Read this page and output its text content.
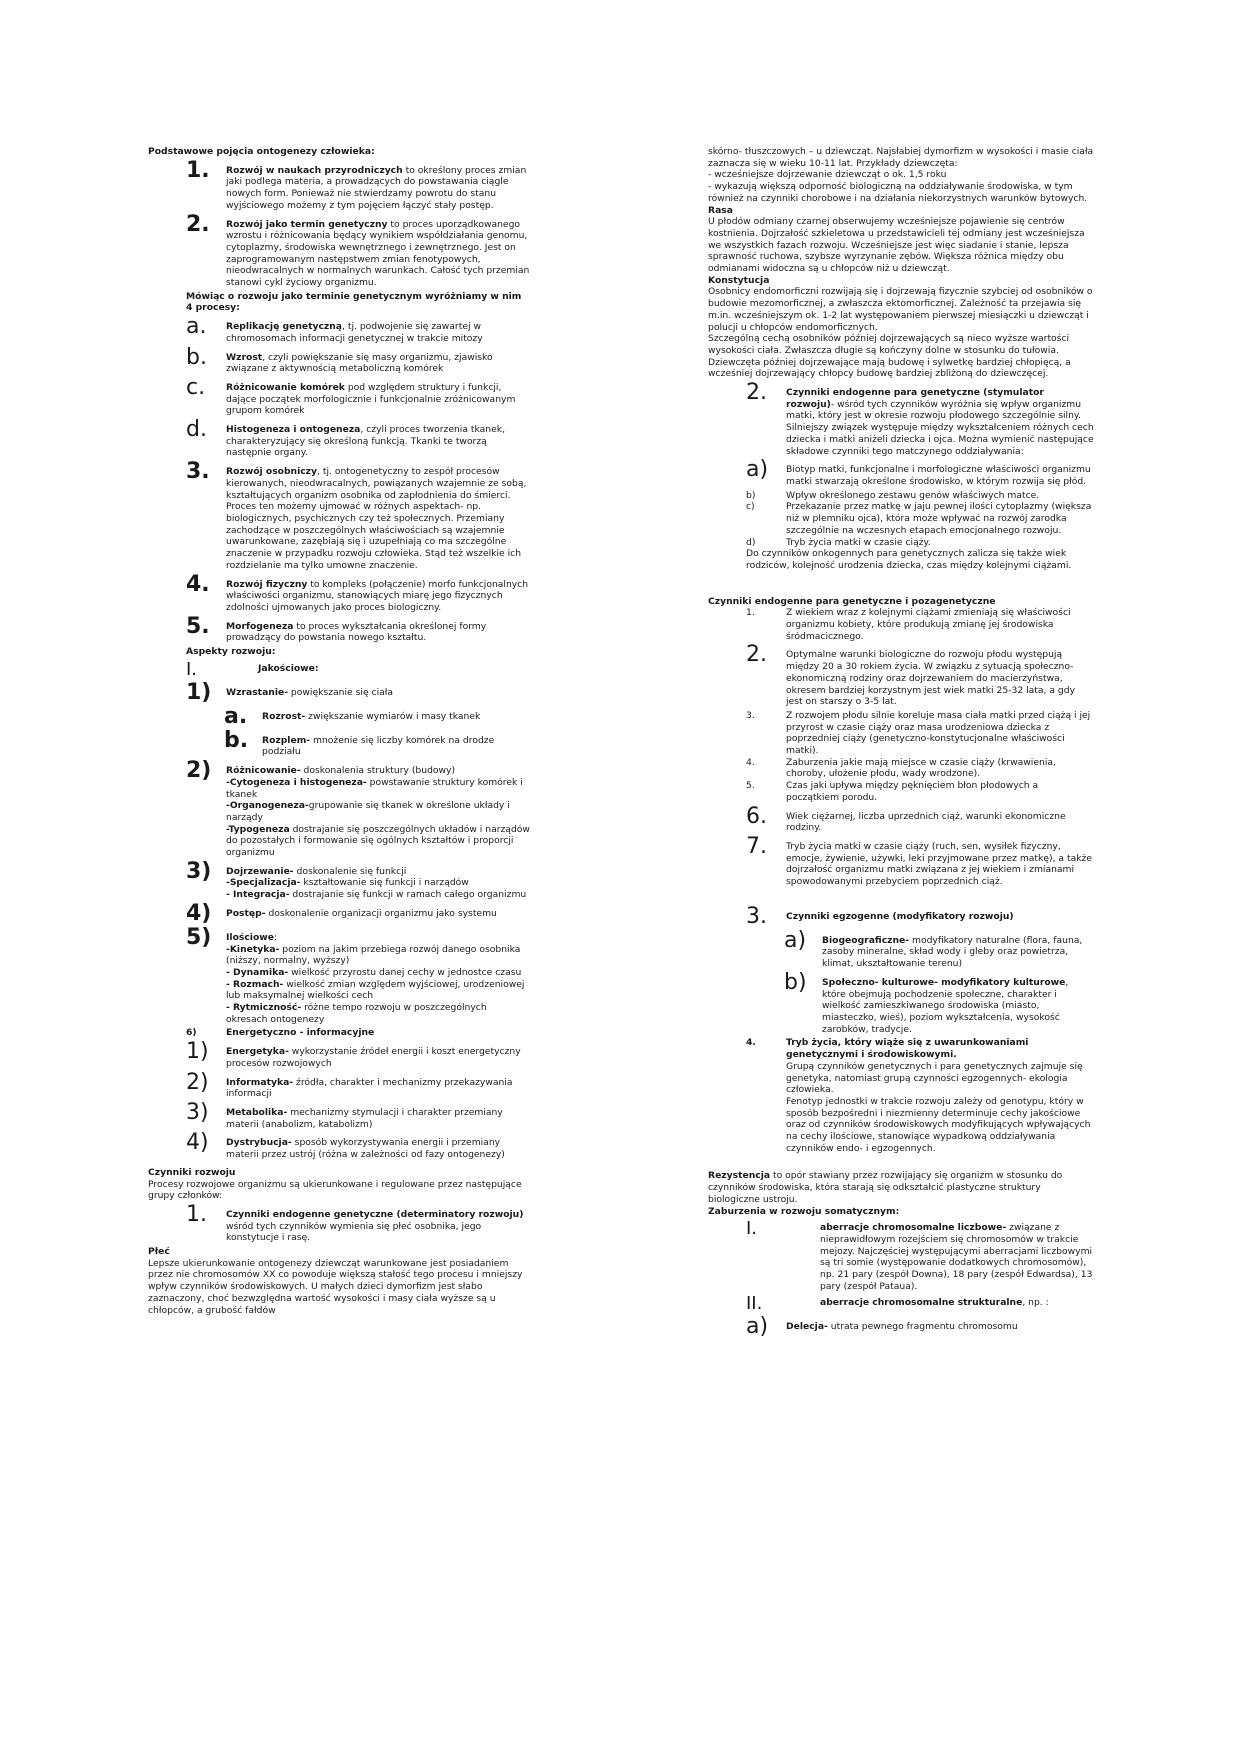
Podstawowe pojęcia ontogenezy człowieka:

1.	Rozwój w naukach przyrodniczych to określony proces zmian jaki podlega materia, a prowadzących do powstawania ciągle nowych form. Ponieważ nie stwierdzamy powrotu do stanu wyjściowego możemy z tym pojęciem łączyć stały postęp.
2.	Rozwój jako termin genetyczny to proces uporządkowanego wzrostu i różnicowania będący wynikiem współdziałania genomu, cytoplazmy, środowiska wewnętrznego i zewnętrznego. Jest on zaprogramowanym następstwem zmian fenotypowych, nieodwracalnych w normalnych warunkach. Całość tych przemian stanowi cykl życiowy organizmu.

Mówiąc o rozwoju jako terminie genetycznym wyróżniamy w nim 4 procesy:

a.	Replikację genetyczną, tj. podwojenie się zawartej w chromosomach informacji genetycznej w trakcie mitozy
b.	Wzrost, czyli powiększanie się masy organizmu, zjawisko związane z aktywnością metaboliczną komórek
c.	Różnicowanie komórek pod względem struktury i funkcji, dające początek morfologicznie i funkcjonalnie zróżnicowanym grupom komórek
d.	Histogeneza i ontogeneza, czyli proces tworzenia tkanek, charakteryzujący się określoną funkcją. Tkanki te tworzą następnie organy.
3.	Rozwój osobniczy, tj. ontogenetyczny to zespół procesów kierowanych, nieodwracalnych, powiązanych wzajemnie ze sobą, kształtujących organizm osobnika od zapłodnienia do śmierci. Proces ten możemy ujmować w różnych aspektach- np. biologicznych, psychicznych czy też społecznych. Przemiany zachodzące w poszczególnych właściwościach są wzajemnie uwarunkowane, zazębiają się i uzupełniają co ma szczególne znaczenie w przypadku rozwoju człowieka. Stąd też wszelkie ich rozdzielanie ma tylko umowne znaczenie.
4.	Rozwój fizyczny to kompleks (połączenie) morfo funkcjonalnych właściwości organizmu, stanowiących miarę jego fizycznych zdolności ujmowanych jako proces biologiczny.
5.	Morfogeneza to proces wykształcania określonej formy prowadzący do powstania nowego kształtu.

Aspekty rozwoju:

I.	Jakościowe:
1)	Wzrastanie- powiększanie się ciała
a.	Rozrost- zwiększanie wymiarów i masy tkanek
b.	Rozplem- mnożenie się liczby komórek na drodze podziału
2)	Różnicowanie- doskonalenia struktury (budowy)

-Cytogeneza i histogeneza- powstawanie struktury komórek i tkanek

-Organogeneza-grupowanie się tkanek w określone układy i narządy

-Typogeneza dostrajanie się poszczególnych układów i narządów do pozostałych i formowanie się ogólnych kształtów i proporcji organizmu

3)	Dojrzewanie- doskonalenie się funkcji

-Specjalizacja- kształtowanie się funkcji i narządów

- Integracja- dostrajanie się funkcji w ramach całego organizmu

4)	Postęp- doskonalenie organizacji organizmu jako systemu
5)	Ilościowe:

-Kinetyka- poziom na jakim przebiega rozwój danego osobnika (niższy, normalny, wyższy)

- Dynamika- wielkość przyrostu danej cechy w jednostce czasu

- Rozmach- wielkość zmian względem wyjściowej, urodzeniowej lub maksymalnej wielkości cech

- Rytmiczność- różne tempo rozwoju w poszczególnych okresach ontogenezy

6)	Energetyczno - informacyjne
1)	Energetyka- wykorzystanie źródeł energii i koszt energetyczny procesów rozwojowych
2)	Informatyka- źródła, charakter i mechanizmy przekazywania informacji
3)	Metabolika- mechanizmy stymulacji i charakter przemiany materii (anabolizm, katabolizm)
4)	Dystrybucja- sposób wykorzystywania energii i przemiany materii przez ustrój (różna w zależności od fazy ontogenezy)

Czynniki rozwoju

Procesy rozwojowe organizmu są ukierunkowane i regulowane przez następujące grupy członków:

1.	Czynniki endogenne genetyczne (determinatory rozwoju) wśród tych czynników wymienia się płeć osobnika, jego konstytucje i rasę.

Płeć

Lepsze ukierunkowanie ontogenezy dziewcząt warunkowane jest posiadaniem przez nie chromosomów XX co powoduje większą stałość tego procesu i mniejszy wpływ czynników środowiskowych. U małych dzieci dymorfizm jest słabo zaznaczony, choć bezwzględna wartość wysokości i masy ciała wyższe są u chłopców, a grubość fałdów

skórno- tłuszczowych – u dziewcząt. Najsłabiej dymorfizm w wysokości i masie ciała zaznacza się w wieku 10-11 lat. Przykłady dziewczęta:

- wcześniejsze dojrzewanie dziewcząt o ok. 1,5 roku

- wykazują większą odporność biologiczną na oddziaływanie środowiska, w tym również na czynniki chorobowe i na działania niekorzystnych warunków bytowych.

Rasa

U płodów odmiany czarnej obserwujemy wcześniejsze pojawienie się centrów kostnienia. Dojrzałość szkieletowa u przedstawicieli tej odmiany jest wcześniejsza we wszystkich fazach rozwoju. Wcześniejsze jest więc siadanie i stanie, lepsza sprawność ruchowa, szybsze wyrzynanie zębów. Większa różnica między obu odmianami widoczna są u chłopców niż u dziewcząt.

Konstytucja

Osobnicy endomorficzni rozwijają się i dojrzewają fizycznie szybciej od osobników o budowie mezomorficznej, a zwłaszcza ektomorficznej. Zależność ta przejawia się m.in. wcześniejszym ok. 1-2 lat występowaniem pierwszej miesiączki u dziewcząt i polucji u chłopców endomorficznych.

Szczególną cechą osobników później dojrzewających są nieco wyższe wartości wysokości ciała. Zwłaszcza długie są kończyny dolne w stosunku do tułowia. Dziewczęta później dojrzewające mają budowę i sylwetkę bardziej chłopięcą, a wcześniej dojrzewający chłopcy budowę bardziej zbliżoną do dziewczęcej.

2.	Czynniki endogenne para genetyczne (stymulator rozwoju)- wśród tych czynników wyróżnia się wpływ organizmu matki, który jest w okresie rozwoju płodowego szczególnie silny. Silniejszy związek występuje między wykształceniem różnych cech dziecka i matki aniżeli dziecka i ojca. Można wymienić następujące składowe czynniki tego matczynego oddziaływania:
a)	Biotyp matki, funkcjonalne i morfologiczne właściwości organizmu matki stwarzają określone środowisko, w którym rozwija się płód.
b)	Wpływ określonego zestawu genów właściwych matce.
c)	Przekazanie przez matkę w jaju pewnej ilości cytoplazmy (większa niż w plemniku ojca), która może wpływać na rozwój zarodka szczególnie na wczesnych etapach emocjonalnego rozwoju.
d)	Tryb życia matki w czasie ciąży.

Do czynników onkogennych para genetycznych zalicza się także wiek rodziców, kolejność urodzenia dziecka, czas między kolejnymi ciążami.

Czynniki endogenne para genetyczne i pozagenetyczne

1.	Z wiekiem wraz z kolejnymi ciążami zmieniają się właściwości organizmu kobiety, które produkują zmianę jej środowiska śródmacicznego.
2.	Optymalne warunki biologiczne do rozwoju płodu występują między 20 a 30 rokiem życia. W związku z sytuacją społeczno-ekonomiczną rodziny oraz dojrzewaniem do macierzyństwa, okresem bardziej korzystnym jest wiek matki 25-32 lata, a gdy jest on starszy o 3-5 lat.
3.	Z rozwojem płodu silnie koreluje masa ciała matki przed ciążą i jej przyrost w czasie ciąży oraz masa urodzeniowa dziecka z poprzedniej ciąży (genetyczno-konstytucjonalne właściwości matki).
4.	Zaburzenia jakie mają miejsce w czasie ciąży (krwawienia, choroby, ułożenie płodu, wady wrodzone).
5.	Czas jaki upływa między pęknięciem błon płodowych a początkiem porodu.
6.	Wiek ciężarnej, liczba uprzednich ciąż, warunki ekonomiczne rodziny.
7.	Tryb życia matki w czasie ciąży (ruch, sen, wysiłek fizyczny, emocje, żywienie, używki, leki przyjmowane przez matkę), a także dojrzałość organizmu matki związana z jej wiekiem i zmianami spowodowanymi przebyciem poprzednich ciąż.
3.	Czynniki egzogenne (modyfikatory rozwoju)
a)	Biogeograficzne- modyfikatory naturalne (flora, fauna, zasoby mineralne, skład wody i gleby oraz powietrza, klimat, ukształtowanie terenu)
b)	Społeczno- kulturowe- modyfikatory kulturowe, które obejmują pochodzenie społeczne, charakter i wielkość zamieszkiwanego środowiska (miasto, miasteczko, wieś), poziom wykształcenia, wysokość zarobków, tradycje.
4.	Tryb życia, który wiąże się z uwarunkowaniami genetycznymi i środowiskowymi.

Grupą czynników genetycznych i para genetycznych zajmuje się genetyka, natomiast grupą czynności egzogennych- ekologia człowieka.

Fenotyp jednostki w trakcie rozwoju zależy od genotypu, który w sposób bezpośredni i niezmienny determinuje cechy jakościowe oraz od czynników środowiskowych modyfikujących wpływających na cechy ilościowe, stanowiące wypadkową oddziaływania czynników endo- i egzogennych.

Rezystencja to opór stawiany przez rozwijający się organizm w stosunku do czynników środowiska, która starają się odkształcić plastyczne struktury biologiczne ustroju.

Zaburzenia w rozwoju somatycznym:

I.	aberracje chromosomalne liczbowe- związane z nieprawidłowym rozejściem się chromosomów w trakcie mejozy. Najczęściej występującymi aberracjami liczbowymi są tri somie (występowanie dodatkowych chromosomów), np. 21 pary (zespół Downa), 18 pary (zespół Edwardsa), 13 pary (zespół Pataua).
II.	aberracje chromosomalne strukturalne, np. :
a)	Delecja- utrata pewnego fragmentu chromosomu
